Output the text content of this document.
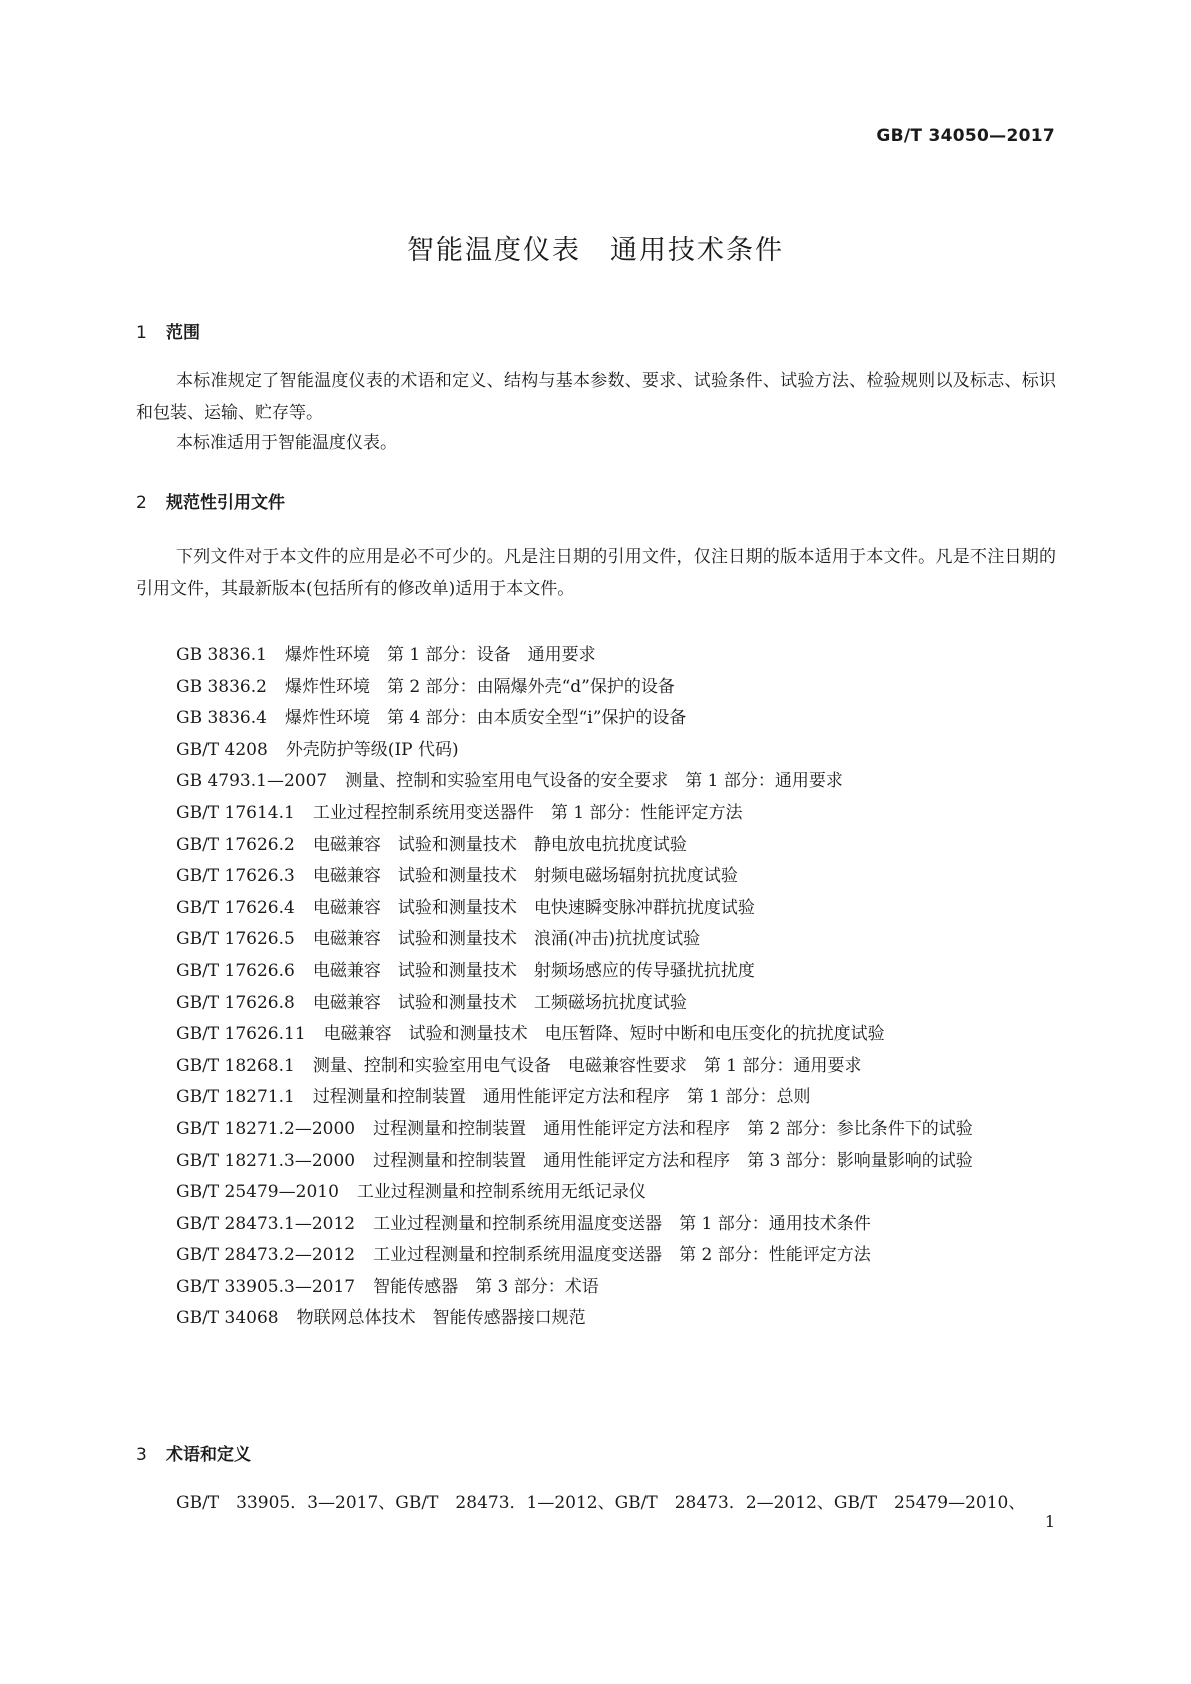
GB/T 34050—2017
智能温度仪表　通用技术条件
1 范围

本标准规定了智能温度仪表的术语和定义、结构与基本参数、要求、试验条件、试验方法、检验规则以及标志、标识和包装、运输、贮存等。

本标准适用于智能温度仪表。

2 规范性引用文件

下列文件对于本文件的应用是必不可少的。凡是注日期的引用文件，仅注日期的版本适用于本文件。凡是不注日期的引用文件，其最新版本(包括所有的修改单)适用于本文件。

GB 3836.1 爆炸性环境　第 1 部分：设备　通用要求
GB 3836.2 爆炸性环境　第 2 部分：由隔爆外壳“d”保护的设备
GB 3836.4 爆炸性环境　第 4 部分：由本质安全型“i”保护的设备
GB/T 4208 外壳防护等级(IP 代码)
GB 4793.1—2007 测量、控制和实验室用电气设备的安全要求　第 1 部分：通用要求
GB/T 17614.1 工业过程控制系统用变送器件　第 1 部分：性能评定方法
GB/T 17626.2 电磁兼容　试验和测量技术　静电放电抗扰度试验
GB/T 17626.3 电磁兼容　试验和测量技术　射频电磁场辐射抗扰度试验
GB/T 17626.4 电磁兼容　试验和测量技术　电快速瞬变脉冲群抗扰度试验
GB/T 17626.5 电磁兼容　试验和测量技术　浪涌(冲击)抗扰度试验
GB/T 17626.6 电磁兼容　试验和测量技术　射频场感应的传导骚扰抗扰度
GB/T 17626.8 电磁兼容　试验和测量技术　工频磁场抗扰度试验
GB/T 17626.11 电磁兼容　试验和测量技术　电压暂降、短时中断和电压变化的抗扰度试验
GB/T 18268.1 测量、控制和实验室用电气设备　电磁兼容性要求　第 1 部分：通用要求
GB/T 18271.1 过程测量和控制装置　通用性能评定方法和程序　第 1 部分：总则
GB/T 18271.2—2000 过程测量和控制装置　通用性能评定方法和程序　第 2 部分：参比条件下的试验
GB/T 18271.3—2000 过程测量和控制装置　通用性能评定方法和程序　第 3 部分：影响量影响的试验
GB/T 25479—2010 工业过程测量和控制系统用无纸记录仪
GB/T 28473.1—2012 工业过程测量和控制系统用温度变送器　第 1 部分：通用技术条件
GB/T 28473.2—2012 工业过程测量和控制系统用温度变送器　第 2 部分：性能评定方法
GB/T 33905.3—2017 智能传感器　第 3 部分：术语
GB/T 34068 物联网总体技术　智能传感器接口规范
3 术语和定义

GB/T　33905．3—2017、GB/T　28473．1—2012、GB/T　28473．2—2012、GB/T　25479—2010、

1
